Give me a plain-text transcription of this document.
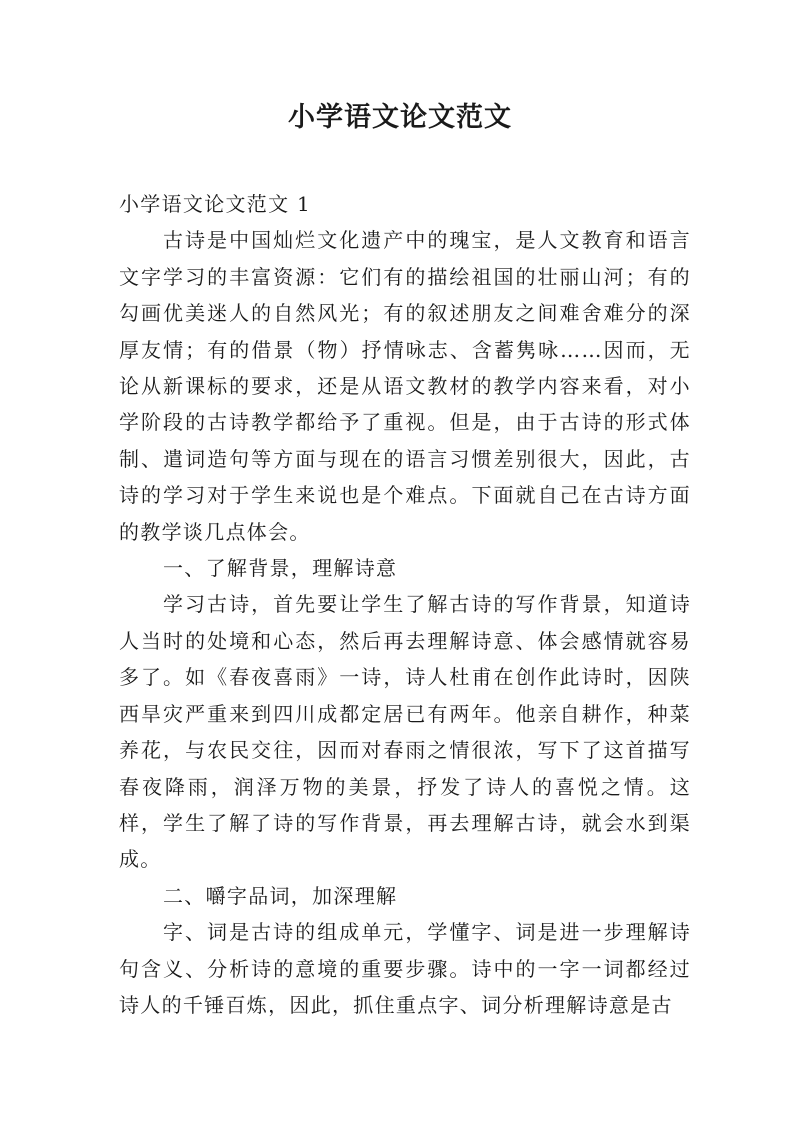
小学语文论文范文

小学语文论文范文 1

古诗是中国灿烂文化遗产中的瑰宝，是人文教育和语言文字学习的丰富资源：它们有的描绘祖国的壮丽山河；有的勾画优美迷人的自然风光；有的叙述朋友之间难舍难分的深厚友情；有的借景（物）抒情咏志、含蓄隽咏……因而，无论从新课标的要求，还是从语文教材的教学内容来看，对小学阶段的古诗教学都给予了重视。但是，由于古诗的形式体制、遣词造句等方面与现在的语言习惯差别很大，因此，古诗的学习对于学生来说也是个难点。下面就自己在古诗方面的教学谈几点体会。

一、了解背景，理解诗意

学习古诗，首先要让学生了解古诗的写作背景，知道诗人当时的处境和心态，然后再去理解诗意、体会感情就容易多了。如《春夜喜雨》一诗，诗人杜甫在创作此诗时，因陕西旱灾严重来到四川成都定居已有两年。他亲自耕作，种菜养花，与农民交往，因而对春雨之情很浓，写下了这首描写春夜降雨，润泽万物的美景，抒发了诗人的喜悦之情。这样，学生了解了诗的写作背景，再去理解古诗，就会水到渠成。

二、嚼字品词，加深理解

字、词是古诗的组成单元，学懂字、词是进一步理解诗句含义、分析诗的意境的重要步骤。诗中的一字一词都经过诗人的千锤百炼，因此，抓住重点字、词分析理解诗意是古
